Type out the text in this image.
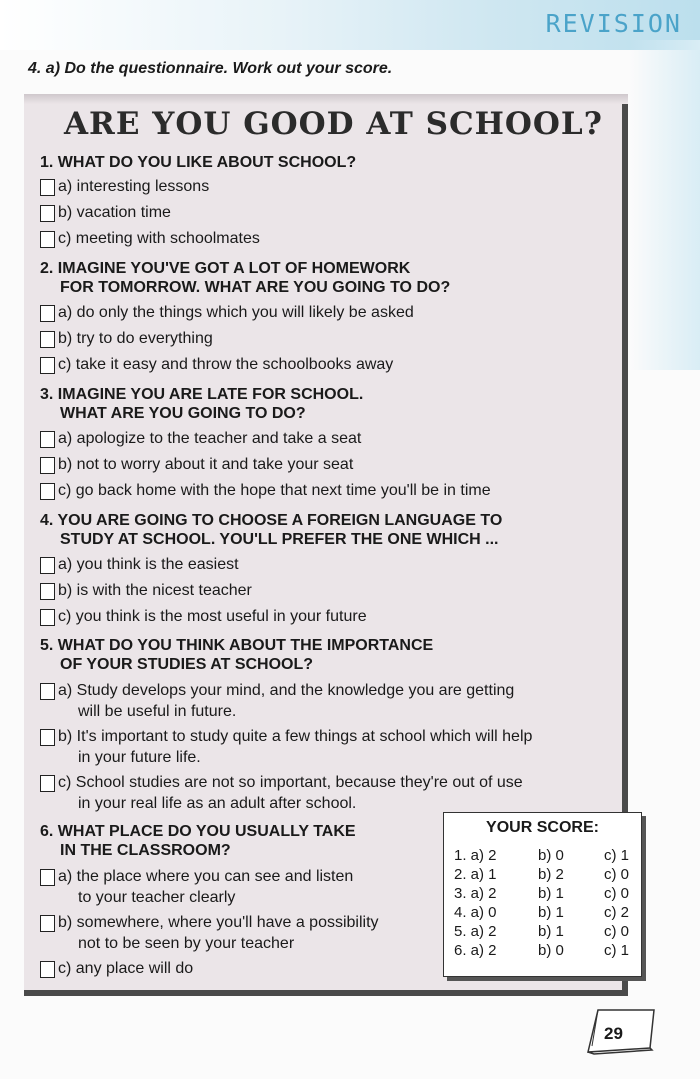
REVISION
4. a) Do the questionnaire. Work out your score.
ARE YOU GOOD AT SCHOOL?
1. WHAT DO YOU LIKE ABOUT SCHOOL?
a) interesting lessons
b) vacation time
c) meeting with schoolmates
2. IMAGINE YOU'VE GOT A LOT OF HOMEWORK
FOR TOMORROW. WHAT ARE YOU GOING TO DO?
a) do only the things which you will likely be asked
b) try to do everything
c) take it easy and throw the schoolbooks away
3. IMAGINE YOU ARE LATE FOR SCHOOL.
WHAT ARE YOU GOING TO DO?
a) apologize to the teacher and take a seat
b) not to worry about it and take your seat
c) go back home with the hope that next time you'll be in time
4. YOU ARE GOING TO CHOOSE A FOREIGN LANGUAGE TO
STUDY AT SCHOOL. YOU'LL PREFER THE ONE WHICH ...
a) you think is the easiest
b) is with the nicest teacher
c) you think is the most useful in your future
5. WHAT DO YOU THINK ABOUT THE IMPORTANCE
OF YOUR STUDIES AT SCHOOL?
a) Study develops your mind, and the knowledge you are getting
will be useful in future.
b) It's important to study quite a few things at school which will help
in your future life.
c) School studies are not so important, because they're out of use
in your real life as an adult after school.
6. WHAT PLACE DO YOU USUALLY TAKE
IN THE CLASSROOM?
a) the place where you can see and listen
to your teacher clearly
b) somewhere, where you'll have a possibility
not to be seen by your teacher
c) any place will do
YOUR SCORE:
1. a) 2	b) 0	c) 1
2. a) 1	b) 2	c) 0
3. a) 2	b) 1	c) 0
4. a) 0	b) 1	c) 2
5. a) 2	b) 1	c) 0
6. a) 2	b) 0	c) 1
29
